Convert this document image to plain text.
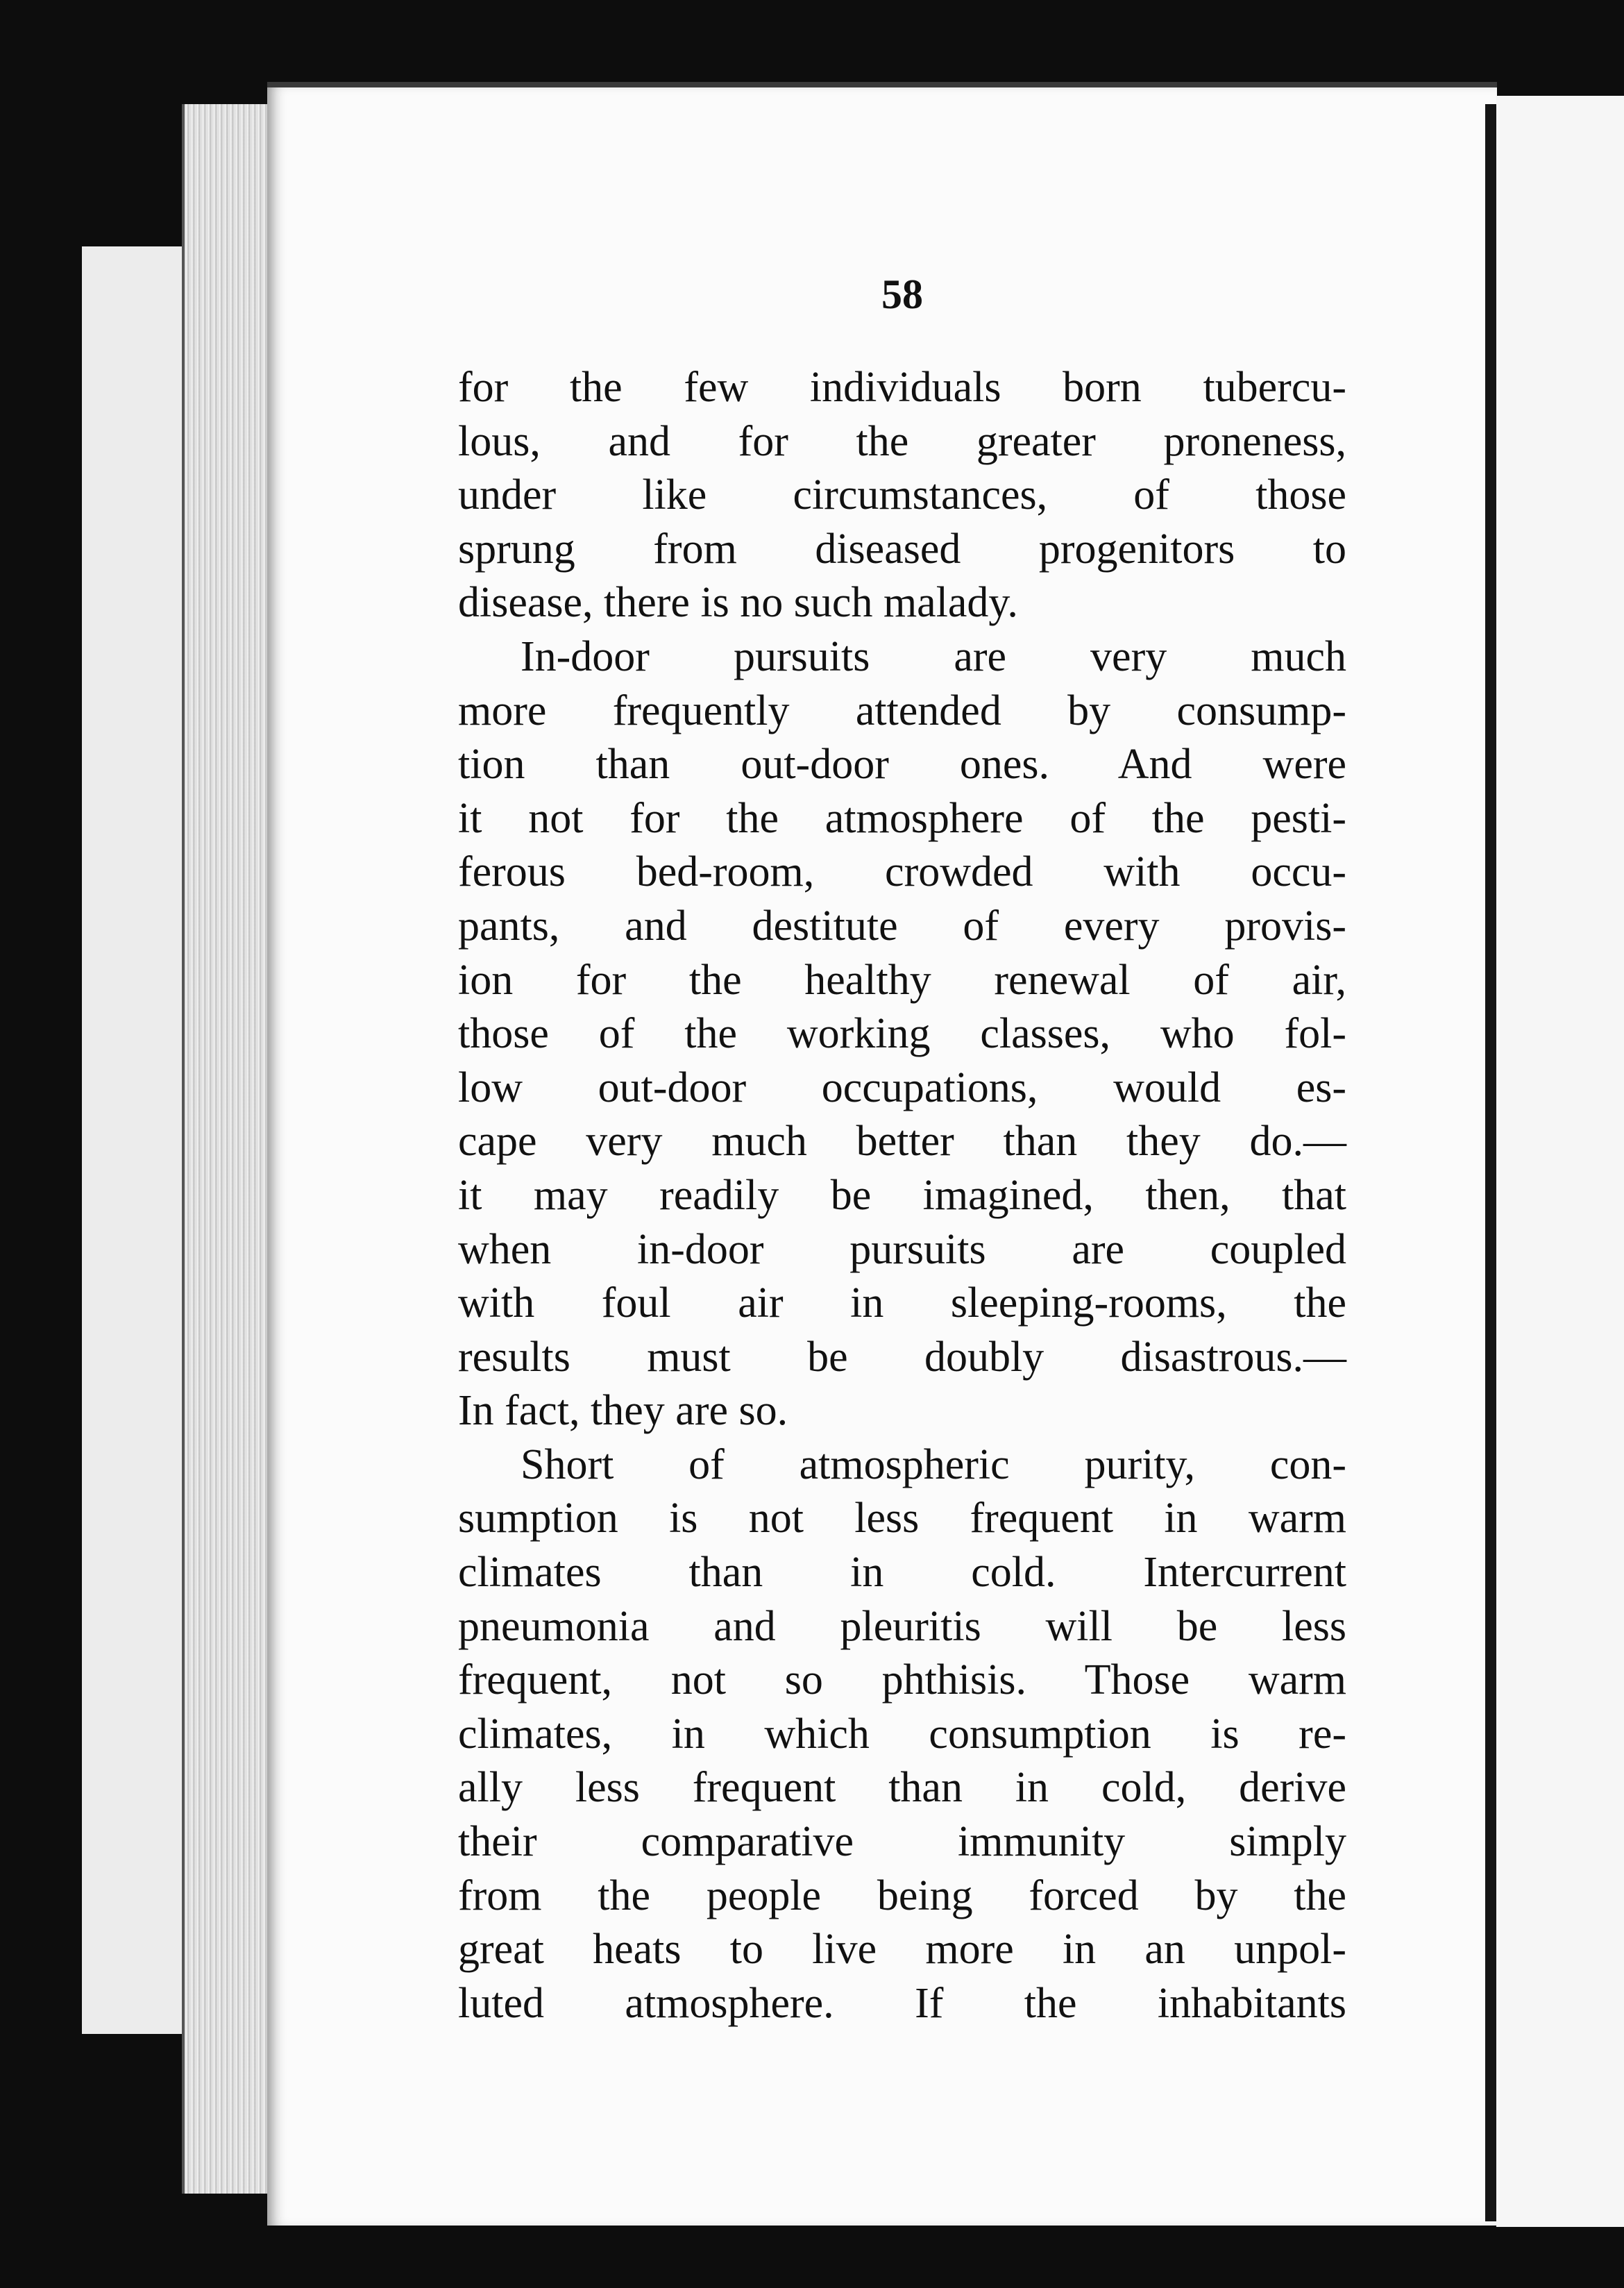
58
for the few individuals born tubercu-
lous, and for the greater proneness,
under like circumstances, of those
sprung from diseased progenitors to
disease, there is no such malady.
In-door pursuits are very much
more frequently attended by consump-
tion than out-door ones. And were
it not for the atmosphere of the pesti-
ferous bed-room, crowded with occu-
pants, and destitute of every provis-
ion for the healthy renewal of air,
those of the working classes, who fol-
low out-door occupations, would es-
cape very much better than they do.—
it may readily be imagined, then, that
when in-door pursuits are coupled
with foul air in sleeping-rooms, the
results must be doubly disastrous.—
In fact, they are so.
Short of atmospheric purity, con-
sumption is not less frequent in warm
climates than in cold. Intercurrent
pneumonia and pleuritis will be less
frequent, not so phthisis. Those warm
climates, in which consumption is re-
ally less frequent than in cold, derive
their comparative immunity simply
from the people being forced by the
great heats to live more in an unpol-
luted atmosphere. If the inhabitants
